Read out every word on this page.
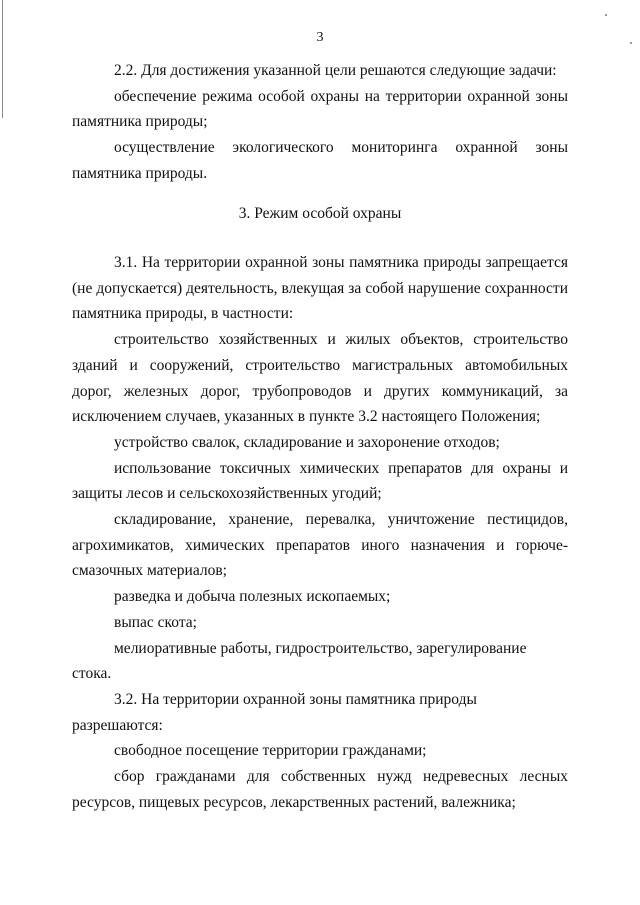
3

2.2. Для достижения указанной цели решаются следующие задачи:

обеспечение режима особой охраны на территории охранной зоны

памятника природы;

осуществление экологического мониторинга охранной зоны

памятника природы.

3. Режим особой охраны

3.1. На территории охранной зоны памятника природы запрещается

(не допускается) деятельность, влекущая за собой нарушение сохранности

памятника природы, в частности:

строительство хозяйственных и жилых объектов, строительство

зданий и сооружений, строительство магистральных автомобильных

дорог, железных дорог, трубопроводов и других коммуникаций, за

исключением случаев, указанных в пункте 3.2 настоящего Положения;

устройство свалок, складирование и захоронение отходов;

использование токсичных химических препаратов для охраны и

защиты лесов и сельскохозяйственных угодий;

складирование, хранение, перевалка, уничтожение пестицидов,

агрохимикатов, химических препаратов иного назначения и горюче-

смазочных материалов;

разведка и добыча полезных ископаемых;

выпас скота;

мелиоративные работы, гидростроительство, зарегулирование стока.

3.2. На территории охранной зоны памятника природы разрешаются:

свободное посещение территории гражданами;

сбор гражданами для собственных нужд недревесных лесных

ресурсов, пищевых ресурсов, лекарственных растений, валежника;
